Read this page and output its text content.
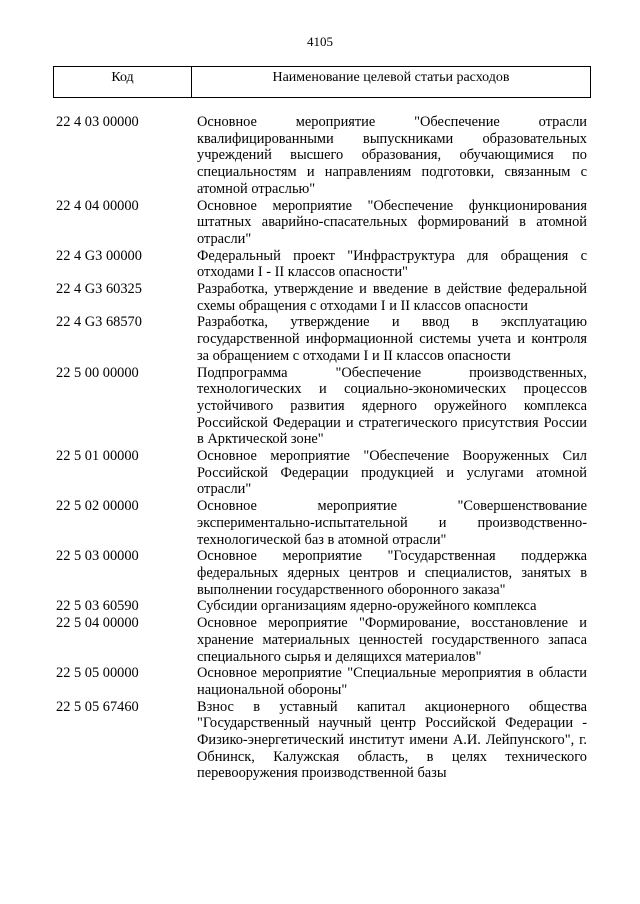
4105
Код	Наименование целевой статьи расходов
22 4 03 00000	Основное мероприятие "Обеспечение отрасли квалифицированными выпускниками образовательных учреждений высшего образования, обучающимися по специальностям и направлениям подготовки, связанным с атомной отраслью"
22 4 04 00000	Основное мероприятие "Обеспечение функционирования штатных аварийно-спасательных формирований в атомной отрасли"
22 4 G3 00000	Федеральный проект "Инфраструктура для обращения с отходами I - II классов опасности"
22 4 G3 60325	Разработка, утверждение и введение в действие федеральной схемы обращения с отходами I и II классов опасности
22 4 G3 68570	Разработка, утверждение и ввод в эксплуатацию государственной информационной системы учета и контроля за обращением с отходами I и II классов опасности
22 5 00 00000	Подпрограмма "Обеспечение производственных, технологических и социально-экономических процессов устойчивого развития ядерного оружейного комплекса Российской Федерации и стратегического присутствия России в Арктической зоне"
22 5 01 00000	Основное мероприятие "Обеспечение Вооруженных Сил Российской Федерации продукцией и услугами атомной отрасли"
22 5 02 00000	Основное мероприятие "Совершенствование экспериментально-испытательной и производственно-технологической баз в атомной отрасли"
22 5 03 00000	Основное мероприятие "Государственная поддержка федеральных ядерных центров и специалистов, занятых в выполнении государственного оборонного заказа"
22 5 03 60590	Субсидии организациям ядерно-оружейного комплекса
22 5 04 00000	Основное мероприятие "Формирование, восстановление и хранение материальных ценностей государственного запаса специального сырья и делящихся материалов"
22 5 05 00000	Основное мероприятие "Специальные мероприятия в области национальной обороны"
22 5 05 67460	Взнос в уставный капитал акционерного общества "Государственный научный центр Российской Федерации - Физико-энергетический институт имени А.И. Лейпунского", г. Обнинск, Калужская область, в целях технического перевооружения производственной базы
